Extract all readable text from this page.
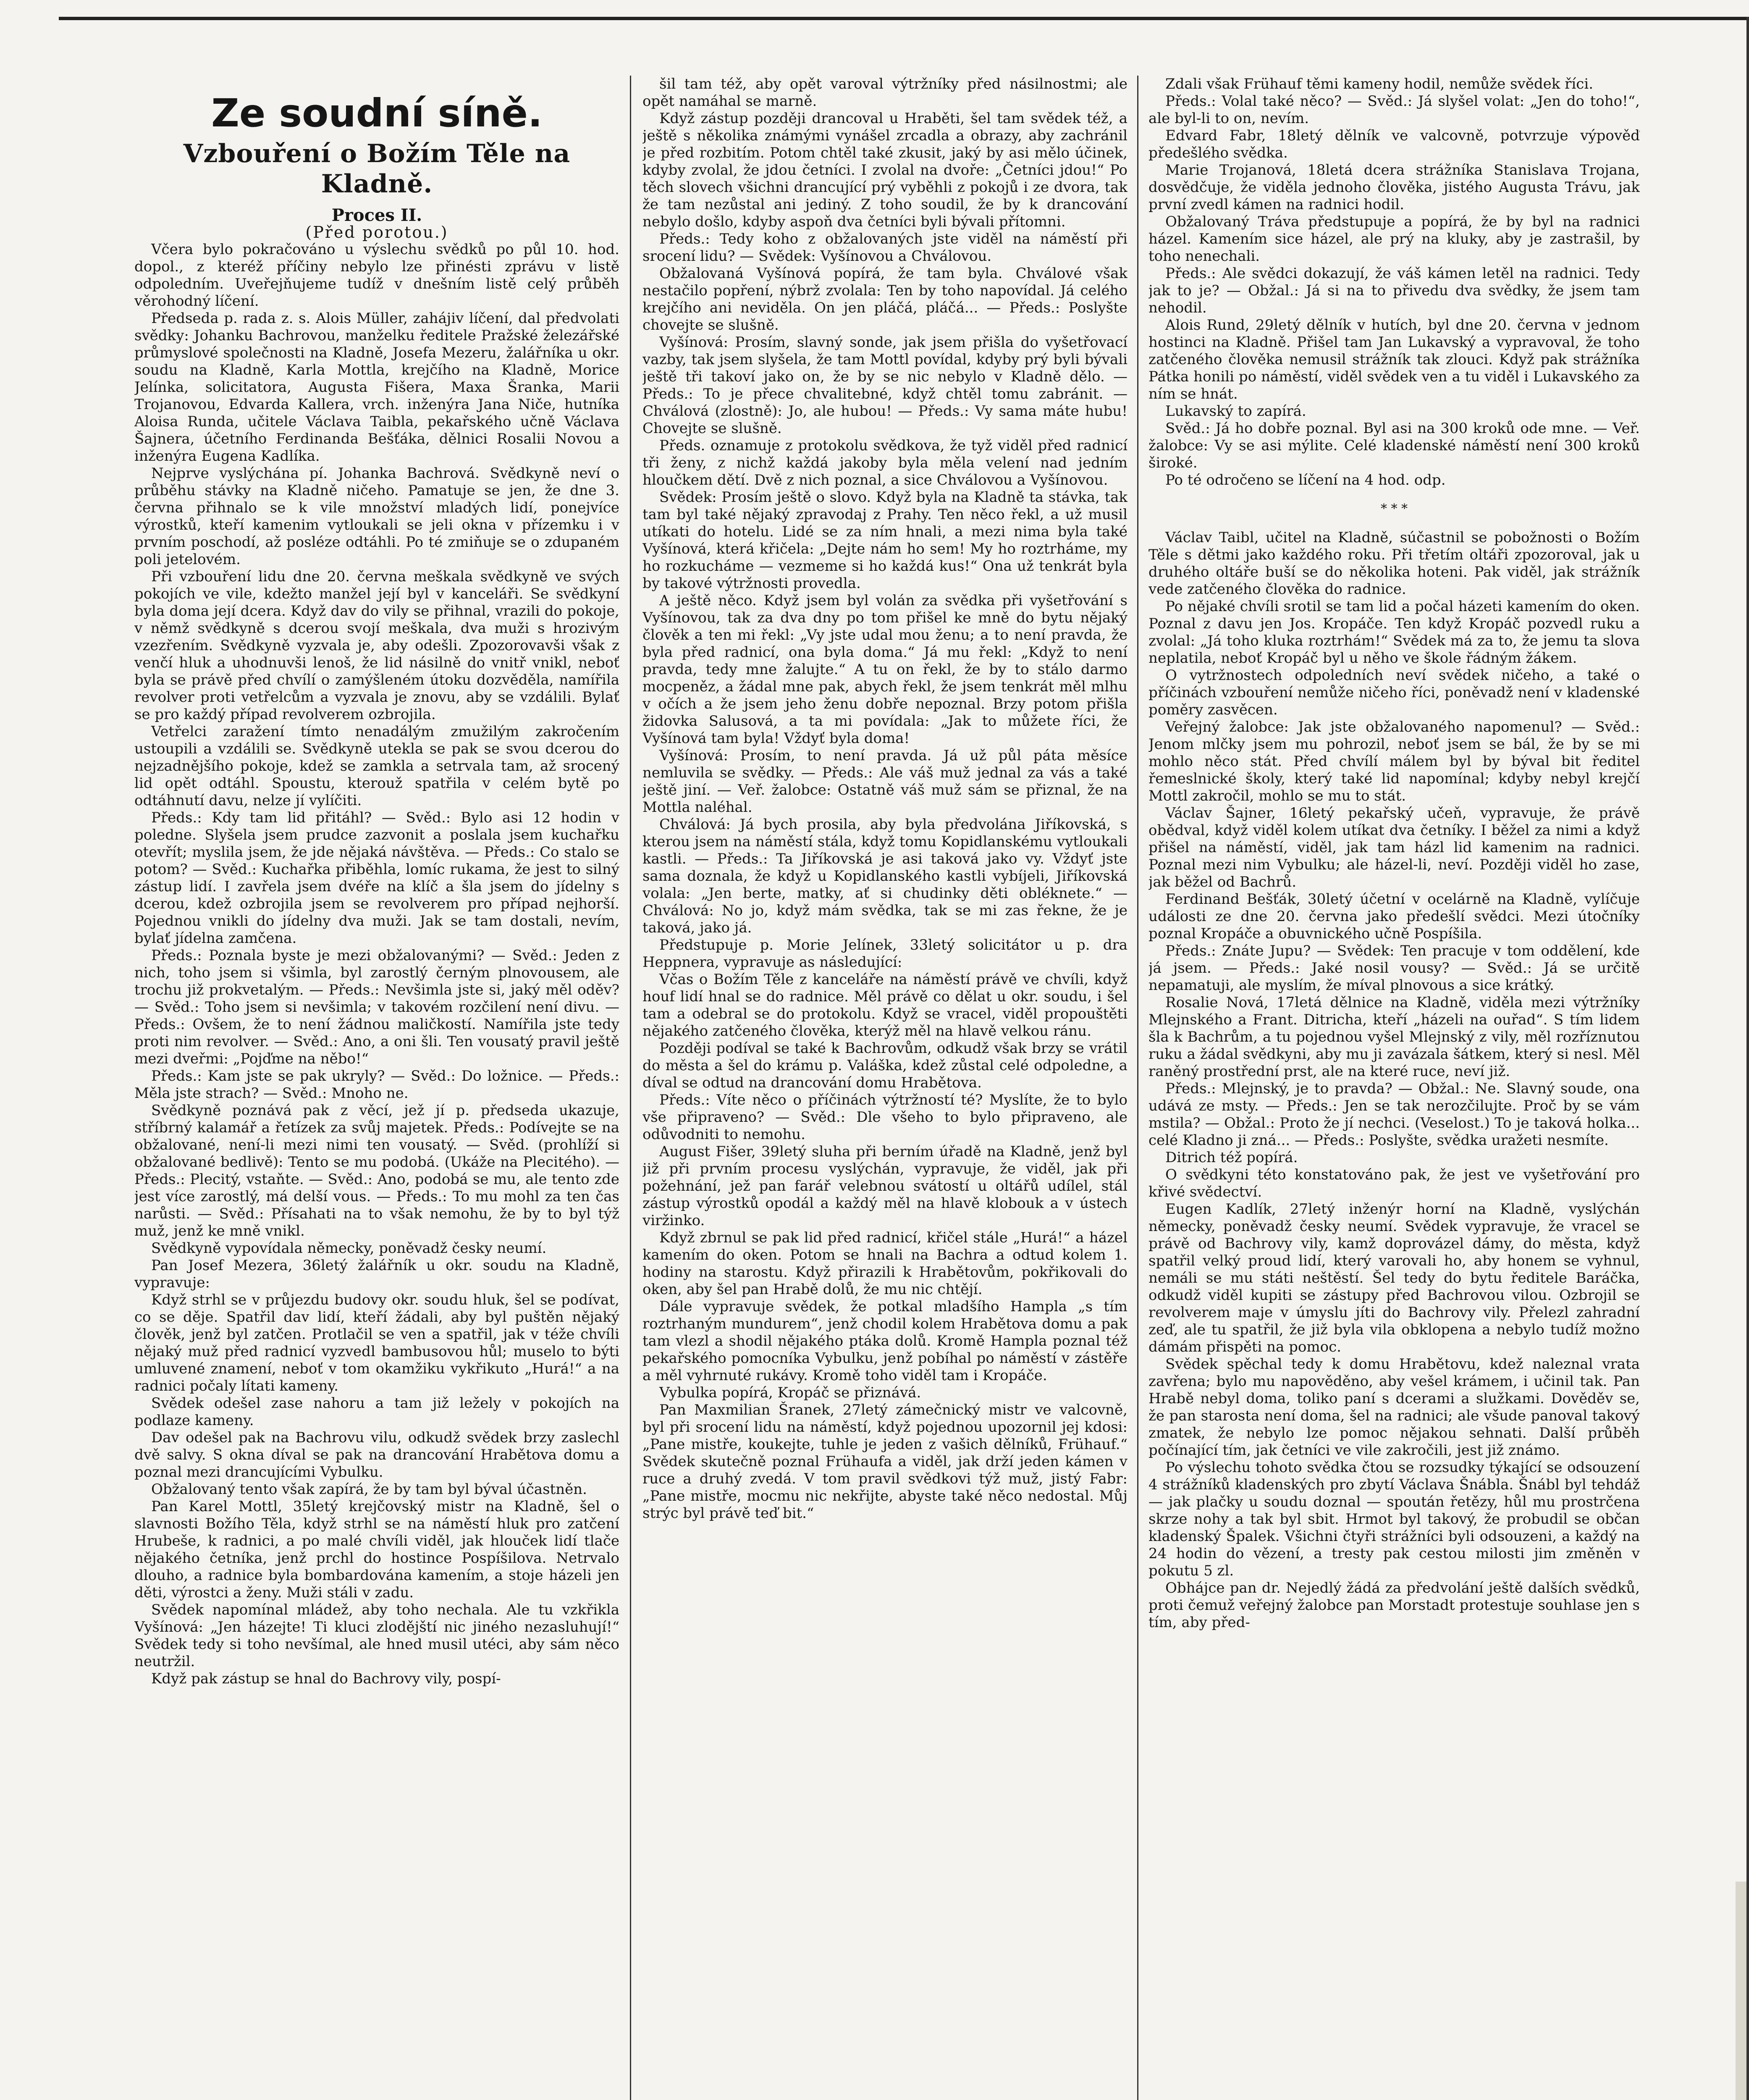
Ze soudní síně.
Vzbouření o Božím Těle na Kladně.
Proces II.
(Před porotou.)

Včera bylo pokračováno u výslechu svědků po půl 10. hod. dopol., z kteréž příčiny nebylo lze přinésti zprávu v listě odpoledním. Uveřejňujeme tudíž v dnešním listě celý průběh věrohodný líčení.

Předseda p. rada z. s. Alois Müller, zahájiv líčení, dal předvolati svědky: Johanku Bachrovou, manželku ředitele Pražské železářské průmyslové společnosti na Kladně, Josefa Mezeru, žalářníka u okr. soudu na Kladně, Karla Mottla, krejčího na Kladně, Morice Jelínka, solicitatora, Augusta Fišera, Maxa Šranka, Marii Trojanovou, Edvarda Kallera, vrch. inženýra Jana Niče, hutníka Aloisa Runda, učitele Václava Taibla, pekařského učně Václava Šajnera, účetního Ferdinanda Bešťáka, dělnici Rosalii Novou a inženýra Eugena Kadlíka.

Nejprve vyslýchána pí. Johanka Bachrová. Svědkyně neví o průběhu stávky na Kladně ničeho. Pamatuje se jen, že dne 3. června přihnalo se k vile množství mladých lidí, ponejvíce výrostků, kteří kamenim vytloukali se jeli okna v přízemku i v prvním poschodí, až posléze odtáhli. Po té zmiňuje se o zdupaném poli jetelovém.

Při vzbouření lidu dne 20. června meškala svědkyně ve svých pokojích ve vile, kdežto manžel její byl v kanceláři. Se svědkyní byla doma její dcera. Když dav do vily se přihnal, vrazili do pokoje, v němž svědkyně s dcerou svojí meškala, dva muži s hrozivým vzezřením. Svědkyně vyzvala je, aby odešli. Zpozorovavši však z venčí hluk a uhodnuvši lenoš, že lid násilně do vnitř vnikl, neboť byla se právě před chvílí o zamýšleném útoku dozvěděla, namířila revolver proti vetřelcům a vyzvala je znovu, aby se vzdálili. Bylať se pro každý případ revolverem ozbrojila.

Vetřelci zaražení tímto nenadálým zmužilým zakročením ustoupili a vzdálili se. Svědkyně utekla se pak se svou dcerou do nejzadnějšího pokoje, kdež se zamkla a setrvala tam, až srocený lid opět odtáhl. Spoustu, kterouž spatřila v celém bytě po odtáhnutí davu, nelze jí vylíčiti.

Předs.: Kdy tam lid přitáhl? — Svěd.: Bylo asi 12 hodin v poledne. Slyšela jsem prudce zazvonit a poslala jsem kuchařku otevřít; myslila jsem, že jde nějaká návštěva. — Předs.: Co stalo se potom? — Svěd.: Kuchařka přiběhla, lomíc rukama, že jest to silný zástup lidí. I zavřela jsem dvéře na klíč a šla jsem do jídelny s dcerou, kdež ozbrojila jsem se revolverem pro případ nejhorší. Pojednou vnikli do jídelny dva muži. Jak se tam dostali, nevím, bylať jídelna zamčena.

Předs.: Poznala byste je mezi obžalovanými? — Svěd.: Jeden z nich, toho jsem si všimla, byl zarostlý černým plnovousem, ale trochu již prokvetalým. — Předs.: Nevšimla jste si, jaký měl oděv? — Svěd.: Toho jsem si nevšimla; v takovém rozčilení není divu. — Předs.: Ovšem, že to není žádnou maličkostí. Namířila jste tedy proti nim revolver. — Svěd.: Ano, a oni šli. Ten vousatý pravil ještě mezi dveřmi: „Pojďme na něbo!“

Předs.: Kam jste se pak ukryly? — Svěd.: Do ložnice. — Předs.: Měla jste strach? — Svěd.: Mnoho ne.

Svědkyně poznává pak z věcí, jež jí p. předseda ukazuje, stříbrný kalamář a řetízek za svůj majetek. Předs.: Podívejte se na obžalované, není-li mezi nimi ten vousatý. — Svěd. (prohlíží si obžalované bedlivě): Tento se mu podobá. (Ukáže na Plecitého). — Předs.: Plecitý, vstaňte. — Svěd.: Ano, podobá se mu, ale tento zde jest více zarostlý, má delší vous. — Předs.: To mu mohl za ten čas narůsti. — Svěd.: Přísahati na to však nemohu, že by to byl týž muž, jenž ke mně vnikl.

Svědkyně vypovídala německy, poněvadž česky neumí.

Pan Josef Mezera, 36letý žalářník u okr. soudu na Kladně, vypravuje:

Když strhl se v průjezdu budovy okr. soudu hluk, šel se podívat, co se děje. Spatřil dav lidí, kteří žádali, aby byl puštěn nějaký člověk, jenž byl zatčen. Protlačil se ven a spatřil, jak v téže chvíli nějaký muž před radnicí vyzvedl bambusovou hůl; muselo to býti umluvené znamení, neboť v tom okamžiku vykřikuto „Hurá!“ a na radnici počaly lítati kameny.

Svědek odešel zase nahoru a tam již ležely v pokojích na podlaze kameny.

Dav odešel pak na Bachrovu vilu, odkudž svědek brzy zaslechl dvě salvy. S okna díval se pak na drancování Hrabětova domu a poznal mezi drancujícími Vybulku.

Obžalovaný tento však zapírá, že by tam byl býval účastněn.

Pan Karel Mottl, 35letý krejčovský mistr na Kladně, šel o slavnosti Božího Těla, když strhl se na náměstí hluk pro zatčení Hrubeše, k radnici, a po malé chvíli viděl, jak hlouček lidí tlače nějakého četníka, jenž prchl do hostince Pospíšilova. Netrvalo dlouho, a radnice byla bombardována kamením, a stoje házeli jen děti, výrostci a ženy. Muži stáli v zadu.

Svědek napomínal mládež, aby toho nechala. Ale tu vzkřikla Vyšínová: „Jen házejte! Ti kluci zlodějští nic jiného nezasluhují!“ Svědek tedy si toho nevšímal, ale hned musil utéci, aby sám něco neutržil.

Když pak zástup se hnal do Bachrovy vily, pospí-

šil tam též, aby opět varoval výtržníky před násilnostmi; ale opět namáhal se marně.

Když zástup později drancoval u Hraběti, šel tam svědek též, a ještě s několika známými vynášel zrcadla a obrazy, aby zachránil je před rozbitím. Potom chtěl také zkusit, jaký by asi mělo účinek, kdyby zvolal, že jdou četníci. I zvolal na dvoře: „Četníci jdou!“ Po těch slovech všichni drancující prý vyběhli z pokojů i ze dvora, tak že tam nezůstal ani jediný. Z toho soudil, že by k drancování nebylo došlo, kdyby aspoň dva četníci byli bývali přítomni.

Předs.: Tedy koho z obžalovaných jste viděl na náměstí při srocení lidu? — Svědek: Vyšínovou a Chválovou.

Obžalovaná Vyšínová popírá, že tam byla. Chválové však nestačilo popření, nýbrž zvolala: Ten by toho napovídal. Já celého krejčího ani neviděla. On jen pláčá, pláčá... — Předs.: Poslyšte chovejte se slušně.

Vyšínová: Prosím, slavný sonde, jak jsem přišla do vyšetřovací vazby, tak jsem slyšela, že tam Mottl povídal, kdyby prý byli bývali ještě tři takoví jako on, že by se nic nebylo v Kladně dělo. — Předs.: To je přece chvalitebné, když chtěl tomu zabránit. — Chválová (zlostně): Jo, ale hubou! — Předs.: Vy sama máte hubu! Chovejte se slušně.

Předs. oznamuje z protokolu svědkova, že tyž viděl před radnicí tři ženy, z nichž každá jakoby byla měla velení nad jedním hloučkem dětí. Dvě z nich poznal, a sice Chválovou a Vyšínovou.

Svědek: Prosím ještě o slovo. Když byla na Kladně ta stávka, tak tam byl také nějaký zpravodaj z Prahy. Ten něco řekl, a už musil utíkati do hotelu. Lidé se za ním hnali, a mezi nima byla také Vyšínová, která křičela: „Dejte nám ho sem! My ho roztrháme, my ho rozkucháme — vezmeme si ho každá kus!“ Ona už tenkrát byla by takové výtržnosti provedla.

A ještě něco. Když jsem byl volán za svědka při vyšetřování s Vyšínovou, tak za dva dny po tom přišel ke mně do bytu nějaký člověk a ten mi řekl: „Vy jste udal mou ženu; a to není pravda, že byla před radnicí, ona byla doma.“ Já mu řekl: „Když to není pravda, tedy mne žalujte.“ A tu on řekl, že by to stálo darmo mocpeněz, a žádal mne pak, abych řekl, že jsem tenkrát měl mlhu v očích a že jsem jeho ženu dobře nepoznal. Brzy potom přišla židovka Salusová, a ta mi povídala: „Jak to můžete říci, že Vyšínová tam byla! Vždyť byla doma!

Vyšínová: Prosím, to není pravda. Já už půl páta měsíce nemluvila se svědky. — Předs.: Ale váš muž jednal za vás a také ještě jiní. — Veř. žalobce: Ostatně váš muž sám se přiznal, že na Mottla naléhal.

Chválová: Já bych prosila, aby byla předvolána Jiříkovská, s kterou jsem na náměstí stála, když tomu Kopidlanskému vytloukali kastli. — Předs.: Ta Jiříkovská je asi taková jako vy. Vždyť jste sama doznala, že když u Kopidlanského kastli vybíjeli, Jiříkovská volala: „Jen berte, matky, ať si chudinky děti obléknete.“ — Chválová: No jo, když mám svědka, tak se mi zas řekne, že je taková, jako já.

Předstupuje p. Morie Jelínek, 33letý solicitátor u p. dra Heppnera, vypravuje as následující:

Včas o Božím Těle z kanceláře na náměstí právě ve chvíli, když houf lidí hnal se do radnice. Měl právě co dělat u okr. soudu, i šel tam a odebral se do protokolu. Když se vracel, viděl propouštěti nějakého zatčeného člověka, kterýž měl na hlavě velkou ránu.

Později podíval se také k Bachrovům, odkudž však brzy se vrátil do města a šel do krámu p. Valáška, kdež zůstal celé odpoledne, a díval se odtud na drancování domu Hrabětova.

Předs.: Víte něco o příčinách výtržností té? Myslíte, že to bylo vše připraveno? — Svěd.: Dle všeho to bylo připraveno, ale odůvodniti to nemohu.

August Fišer, 39letý sluha při berním úřadě na Kladně, jenž byl již při prvním procesu vyslýchán, vypravuje, že viděl, jak při požehnání, jež pan farář velebnou svátostí u oltářů udílel, stál zástup výrostků opodál a každý měl na hlavě klobouk a v ústech viržinko.

Když zbrnul se pak lid před radnicí, křičel stále „Hurá!“ a házel kamením do oken. Potom se hnali na Bachra a odtud kolem 1. hodiny na starostu. Když přirazili k Hrabětovům, pokřikovali do oken, aby šel pan Hrabě dolů, že mu nic chtějí.

Dále vypravuje svědek, že potkal mladšího Hampla „s tím roztrhaným mundurem“, jenž chodil kolem Hrabětova domu a pak tam vlezl a shodil nějakého ptáka dolů. Kromě Hampla poznal též pekařského pomocníka Vybulku, jenž pobíhal po náměstí v zástěře a měl vyhrnuté rukávy. Kromě toho viděl tam i Kropáče.

Vybulka popírá, Kropáč se přiznává.

Pan Maxmilian Šranek, 27letý zámečnický mistr ve valcovně, byl při srocení lidu na náměstí, když pojednou upozornil jej kdosi: „Pane mistře, koukejte, tuhle je jeden z vašich dělníků, Frühauf.“ Svědek skutečně poznal Frühaufa a viděl, jak drží jeden kámen v ruce a druhý zvedá. V tom pravil svědkovi týž muž, jistý Fabr: „Pane mistře, mocmu nic nekřijte, abyste také něco nedostal. Můj strýc byl právě teď bit.“

Zdali však Frühauf těmi kameny hodil, nemůže svědek říci.

Předs.: Volal také něco? — Svěd.: Já slyšel volat: „Jen do toho!“, ale byl-li to on, nevím.

Edvard Fabr, 18letý dělník ve valcovně, potvrzuje výpověď předešlého svědka.

Marie Trojanová, 18letá dcera strážníka Stanislava Trojana, dosvědčuje, že viděla jednoho člověka, jistého Augusta Trávu, jak první zvedl kámen na radnici hodil.

Obžalovaný Tráva předstupuje a popírá, že by byl na radnici házel. Kamením sice házel, ale prý na kluky, aby je zastrašil, by toho nenechali.

Předs.: Ale svědci dokazují, že váš kámen letěl na radnici. Tedy jak to je? — Obžal.: Já si na to přivedu dva svědky, že jsem tam nehodil.

Alois Rund, 29letý dělník v hutích, byl dne 20. června v jednom hostinci na Kladně. Přišel tam Jan Lukavský a vypravoval, že toho zatčeného člověka nemusil strážník tak zlouci. Když pak strážníka Pátka honili po náměstí, viděl svědek ven a tu viděl i Lukavského za ním se hnát.

Lukavský to zapírá.

Svěd.: Já ho dobře poznal. Byl asi na 300 kroků ode mne. — Veř. žalobce: Vy se asi mýlite. Celé kladenské náměstí není 300 kroků široké.

Po té odročeno se líčení na 4 hod. odp.

* * *

Václav Taibl, učitel na Kladně, súčastnil se pobožnosti o Božím Těle s dětmi jako každého roku. Při třetím oltáři zpozoroval, jak u druhého oltáře buší se do několika hoteni. Pak viděl, jak strážník vede zatčeného člověka do radnice.

Po nějaké chvíli srotil se tam lid a počal házeti kamením do oken. Poznal z davu jen Jos. Kropáče. Ten když Kropáč pozvedl ruku a zvolal: „Já toho kluka roztrhám!“ Svědek má za to, že jemu ta slova neplatila, neboť Kropáč byl u něho ve škole řádným žákem.

O vytržnostech odpoledních neví svědek ničeho, a také o příčinách vzbouření nemůže ničeho říci, poněvadž není v kladenské poměry zasvěcen.

Veřejný žalobce: Jak jste obžalovaného napomenul? — Svěd.: Jenom mlčky jsem mu pohrozil, neboť jsem se bál, že by se mi mohlo něco stát. Před chvílí málem byl by býval bit ředitel řemeslnické školy, který také lid napomínal; kdyby nebyl krejčí Mottl zakročil, mohlo se mu to stát.

Václav Šajner, 16letý pekařský učeň, vypravuje, že právě obědval, když viděl kolem utíkat dva četníky. I běžel za nimi a když přišel na náměstí, viděl, jak tam házl lid kamenim na radnici. Poznal mezi nim Vybulku; ale házel-li, neví. Později viděl ho zase, jak běžel od Bachrů.

Ferdinand Bešťák, 30letý účetní v ocelárně na Kladně, vylíčuje události ze dne 20. června jako předešlí svědci. Mezi útočníky poznal Kropáče a obuvnického učně Pospíšila.

Předs.: Znáte Jupu? — Svědek: Ten pracuje v tom oddělení, kde já jsem. — Předs.: Jaké nosil vousy? — Svěd.: Já se určitě nepamatuji, ale myslím, že míval plnovous a sice krátký.

Rosalie Nová, 17letá dělnice na Kladně, viděla mezi výtržníky Mlejnského a Frant. Ditricha, kteří „házeli na ouřad“. S tím lidem šla k Bachrům, a tu pojednou vyšel Mlejnský z vily, měl rozříznutou ruku a žádal svědkyni, aby mu ji zavázala šátkem, který si nesl. Měl raněný prostřední prst, ale na které ruce, neví již.

Předs.: Mlejnský, je to pravda? — Obžal.: Ne. Slavný soude, ona udává ze msty. — Předs.: Jen se tak nerozčilujte. Proč by se vám mstila? — Obžal.: Proto že jí nechci. (Veselost.) To je taková holka... celé Kladno ji zná... — Předs.: Poslyšte, svědka uražeti nesmíte.

Ditrich též popírá.

O svědkyni této konstatováno pak, že jest ve vyšetřování pro křivé svědectví.

Eugen Kadlík, 27letý inženýr horní na Kladně, vyslýchán německy, poněvadž česky neumí. Svědek vypravuje, že vracel se právě od Bachrovy vily, kamž doprovázel dámy, do města, když spatřil velký proud lidí, který varovali ho, aby honem se vyhnul, nemáli se mu státi neštěstí. Šel tedy do bytu ředitele Baráčka, odkudž viděl kupiti se zástupy před Bachrovou vilou. Ozbrojil se revolverem maje v úmyslu jíti do Bachrovy vily. Přelezl zahradní zeď, ale tu spatřil, že již byla vila obklopena a nebylo tudíž možno dámám přispěti na pomoc.

Svědek spěchal tedy k domu Hrabětovu, kdež naleznal vrata zavřena; bylo mu napověděno, aby vešel krámem, i učinil tak. Pan Hrabě nebyl doma, toliko paní s dcerami a služkami. Dověděv se, že pan starosta není doma, šel na radnici; ale všude panoval takový zmatek, že nebylo lze pomoc nějakou sehnati. Další průběh počínající tím, jak četníci ve vile zakročili, jest již známo.

Po výslechu tohoto svědka čtou se rozsudky týkající se odsouzení 4 strážníků kladenských pro zbytí Václava Šnábla. Šnábl byl tehdáž — jak plačky u soudu doznal — spoután řetězy, hůl mu prostrčena skrze nohy a tak byl sbit. Hrmot byl takový, že probudil se občan kladenský Špalek. Všichni čtyři strážníci byli odsouzeni, a každý na 24 hodin do vězení, a tresty pak cestou milosti jim změněn v pokutu 5 zl.

Obhájce pan dr. Nejedlý žádá za předvolání ještě dalších svědků, proti čemuž veřejný žalobce pan Morstadt protestuje souhlase jen s tím, aby před-
